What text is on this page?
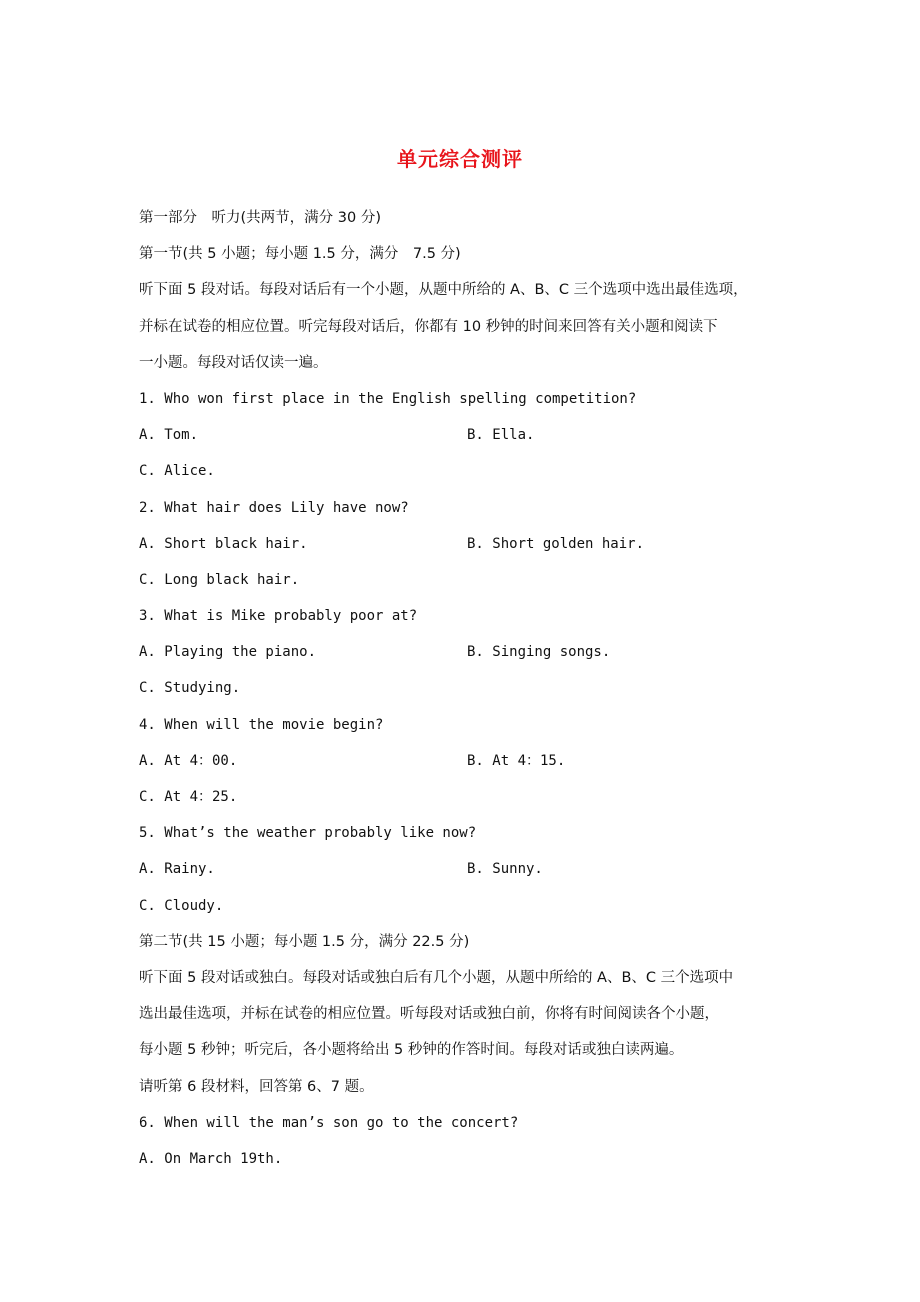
单元综合测评
第一部分　听力(共两节，满分 30 分)
第一节(共 5 小题；每小题 1.5 分，满分　7.5 分)
听下面 5 段对话。每段对话后有一个小题，从题中所给的 A、B、C 三个选项中选出最佳选项，
并标在试卷的相应位置。听完每段对话后，你都有 10 秒钟的时间来回答有关小题和阅读下
一小题。每段对话仅读一遍。
1. Who won first place in the English spelling competition?
A. Tom.	B. Ella.
C. Alice.
2. What hair does Lily have now?
A. Short black hair.	B. Short golden hair.
C. Long black hair.
3. What is Mike probably poor at?
A. Playing the piano.	B. Singing songs.
C. Studying.
4. When will the movie begin?
A. At 4：00.	B. At 4：15.
C. At 4：25.
5. What’s the weather probably like now?
A. Rainy.	B. Sunny.
C. Cloudy.
第二节(共 15 小题；每小题 1.5 分，满分 22.5 分)
听下面 5 段对话或独白。每段对话或独白后有几个小题，从题中所给的 A、B、C 三个选项中
选出最佳选项，并标在试卷的相应位置。听每段对话或独白前，你将有时间阅读各个小题，
每小题 5 秒钟；听完后，各小题将给出 5 秒钟的作答时间。每段对话或独白读两遍。
请听第 6 段材料，回答第 6、7 题。
6. When will the man’s son go to the concert?
A. On March 19th.
